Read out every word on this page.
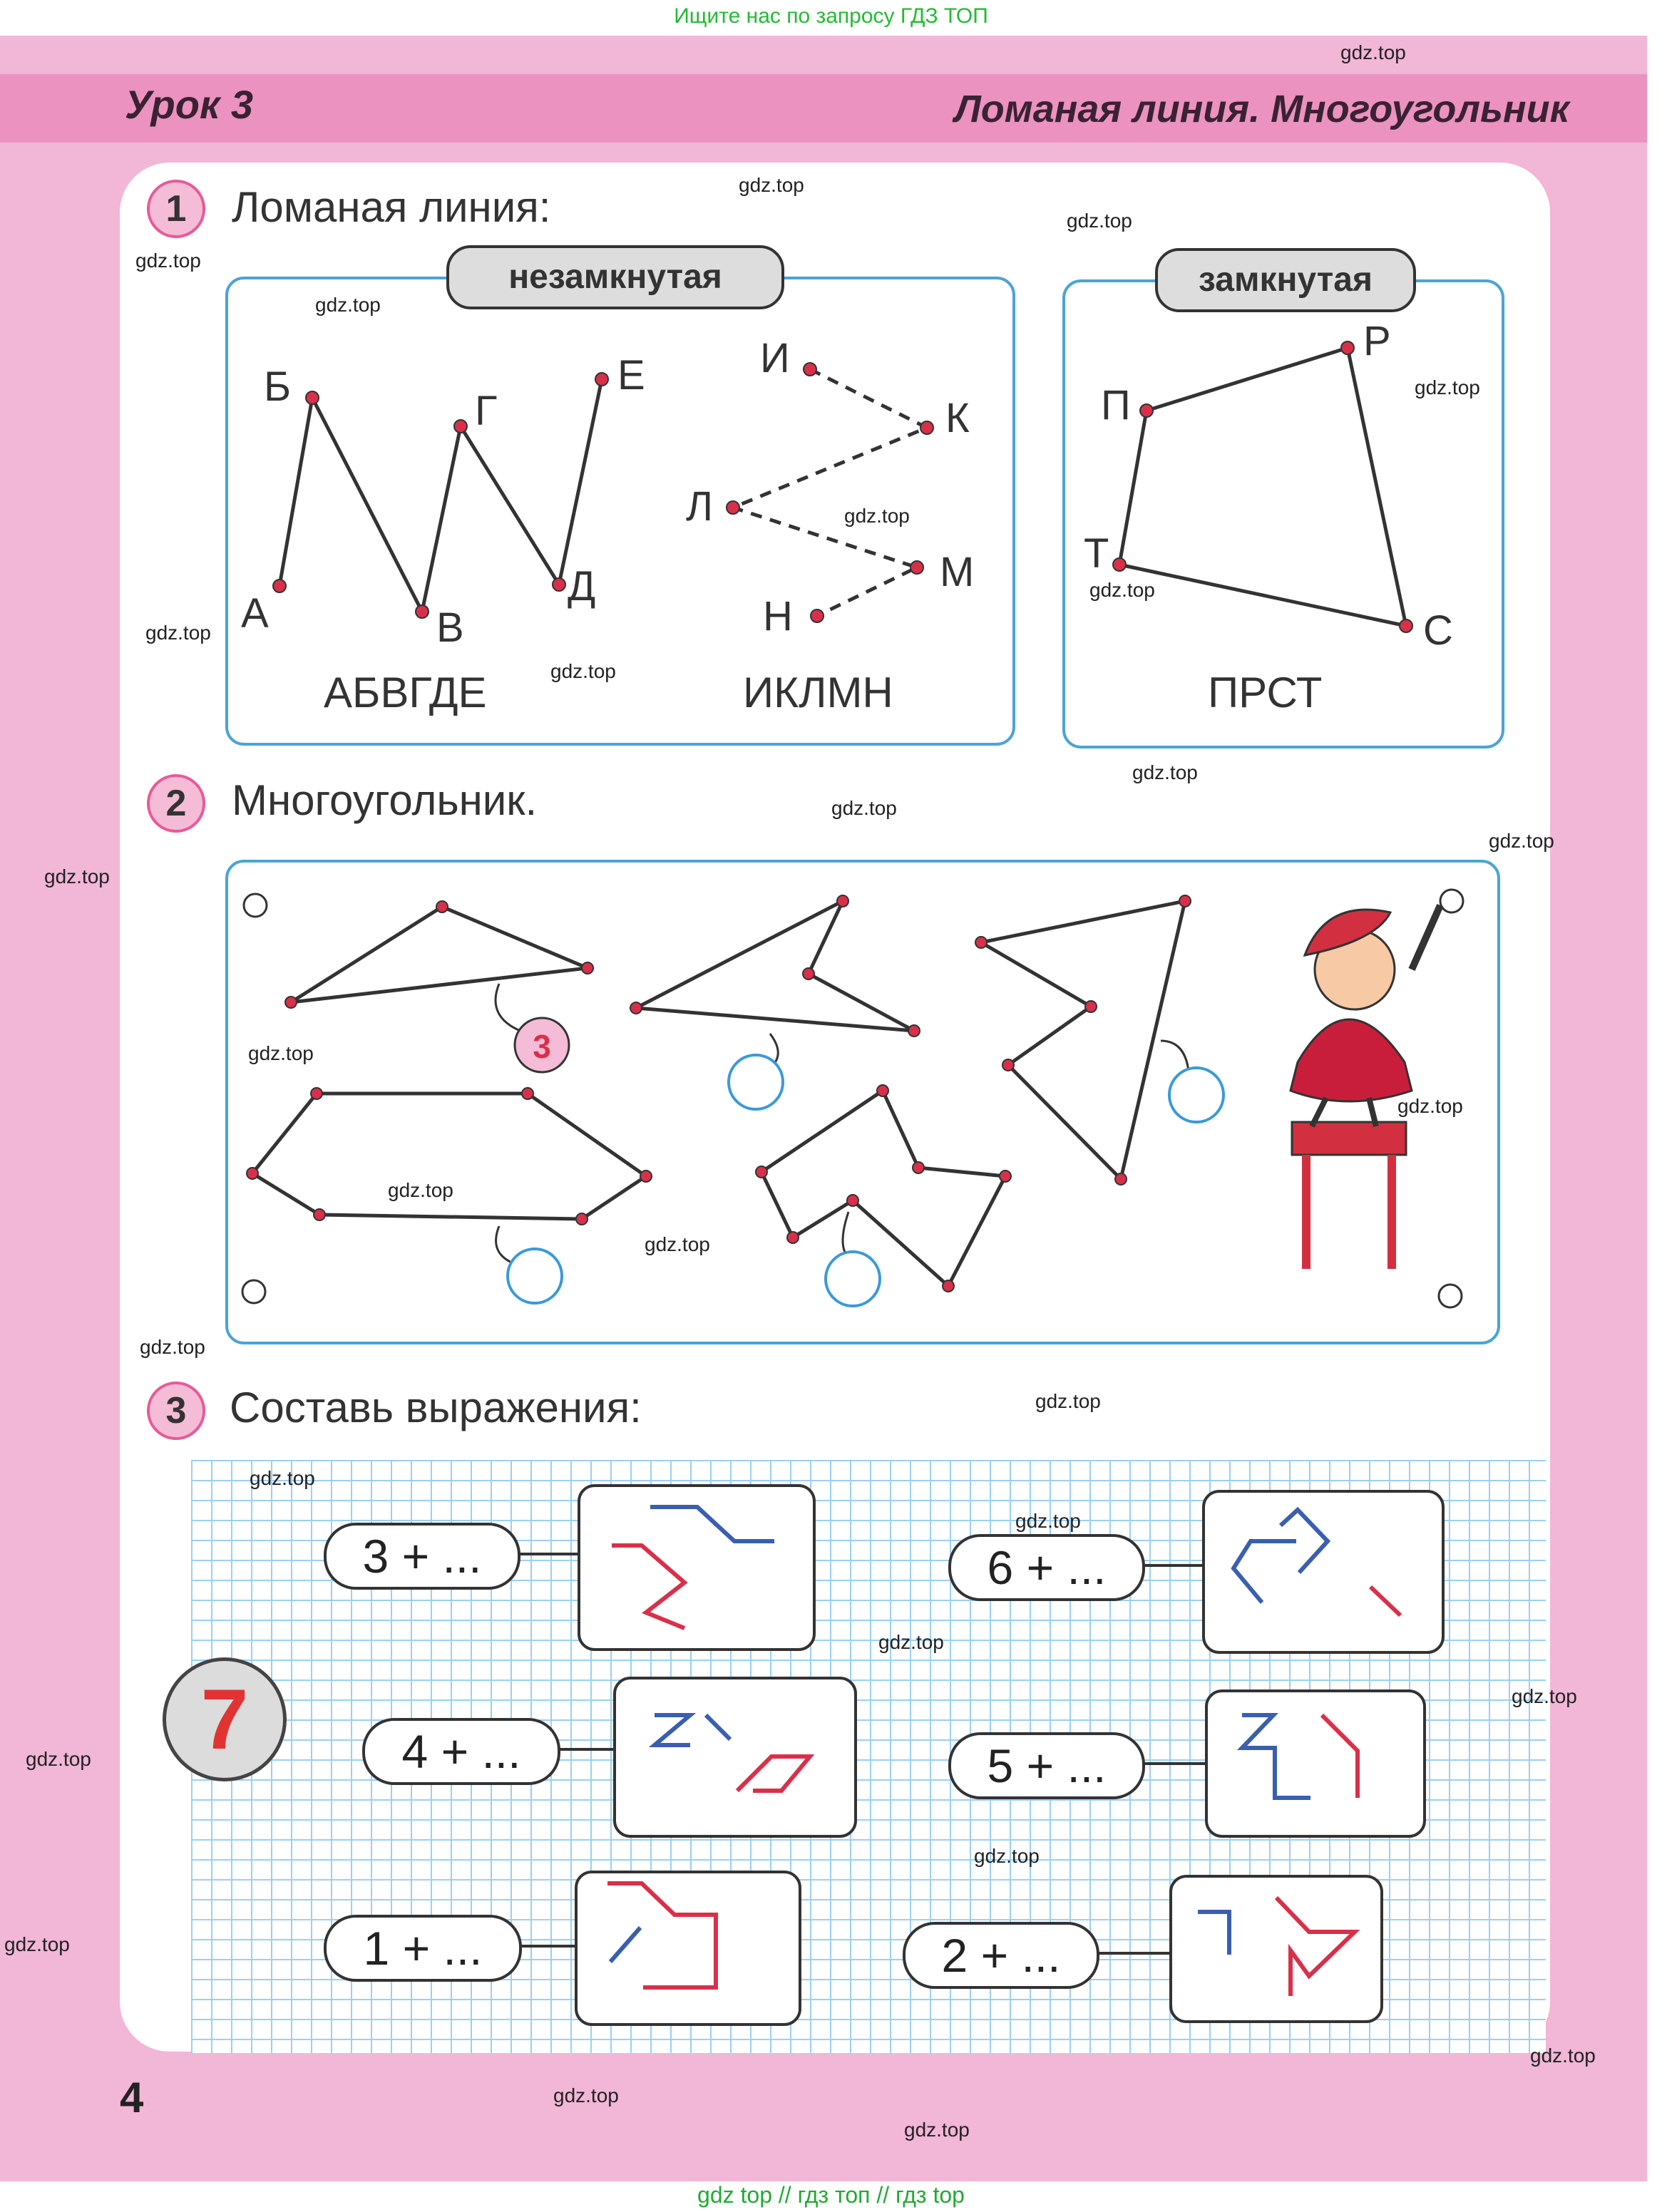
Ищите нас по запросу ГДЗ ТОП
Урок 3	Ломаная линия. Многоугольник
1	Ломаная линия:
незамкнутая	замкнутая
А
Б
В
Г
Д
Е
АБВГДЕ
И
К
Л
М
Н
ИКЛМН
П
Р
С
Т
ПРСТ
2	Многоугольник.
3
3	Составь выражения:
7
3 + ...
4 + ...
1 + ...
6 + ...
5 + ...
2 + ...
4
gdz.top
gdz.top
gdz.top
gdz.top
gdz.top
gdz.top
gdz.top
gdz.top
gdz.top
gdz.top
gdz.top
gdz.top
gdz.top
gdz.top
gdz.top
gdz.top
gdz.top
gdz.top
gdz.top
gdz.top
gdz.top
gdz.top
gdz.top
gdz.top
gdz.top
gdz.top
gdz.top
gdz.top
gdz.top
gdz.top
gdz top // гдз топ // гдз top
